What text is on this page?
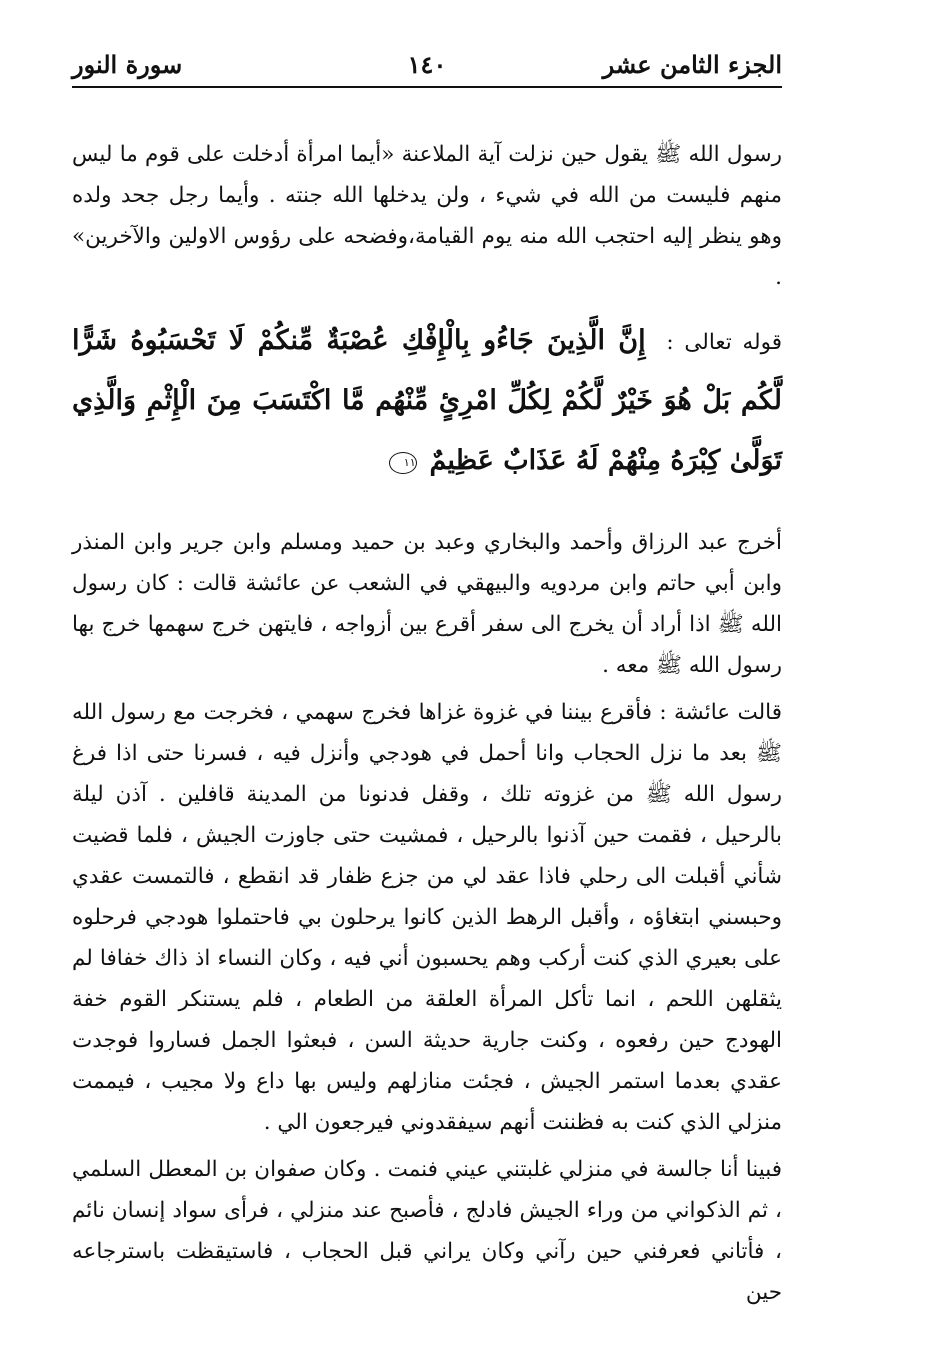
الجزء الثامن عشر
١٤٠
سورة النور

رسول الله ﷺ يقول حين نزلت آية الملاعنة «أيما امرأة أدخلت على قوم ما ليس منهم فليست من الله في شيء ، ولن يدخلها الله جنته . وأيما رجل جحد ولده وهو ينظر إليه احتجب الله منه يوم القيامة،وفضحه على رؤوس الاولين والآخرين» .

قوله تعالى : إِنَّ الَّذِينَ جَاءُو بِالْإِفْكِ عُصْبَةٌ مِّنكُمْ لَا تَحْسَبُوهُ شَرًّا لَّكُم بَلْ هُوَ خَيْرٌ لَّكُمْ لِكُلِّ امْرِئٍ مِّنْهُم مَّا اكْتَسَبَ مِنَ الْإِثْمِ وَالَّذِي تَوَلَّىٰ كِبْرَهُ مِنْهُمْ لَهُ عَذَابٌ عَظِيمٌ ١١

أخرج عبد الرزاق وأحمد والبخاري وعبد بن حميد ومسلم وابن جرير وابن المنذر وابن أبي حاتم وابن مردويه والبيهقي في الشعب عن عائشة قالت : كان رسول الله ﷺ اذا أراد أن يخرج الى سفر أقرع بين أزواجه ، فايتهن خرج سهمها خرج بها رسول الله ﷺ معه .

قالت عائشة : فأقرع بيننا في غزوة غزاها فخرج سهمي ، فخرجت مع رسول الله ﷺ بعد ما نزل الحجاب وانا أحمل في هودجي وأنزل فيه ، فسرنا حتى اذا فرغ رسول الله ﷺ من غزوته تلك ، وقفل فدنونا من المدينة قافلين . آذن ليلة بالرحيل ، فقمت حين آذنوا بالرحيل ، فمشيت حتى جاوزت الجيش ، فلما قضيت شأني أقبلت الى رحلي فاذا عقد لي من جزع ظفار قد انقطع ، فالتمست عقدي وحبسني ابتغاؤه ، وأقبل الرهط الذين كانوا يرحلون بي فاحتملوا هودجي فرحلوه على بعيري الذي كنت أركب وهم يحسبون أني فيه ، وكان النساء اذ ذاك خفافا لم يثقلهن اللحم ، انما تأكل المرأة العلقة من الطعام ، فلم يستنكر القوم خفة الهودج حين رفعوه ، وكنت جارية حديثة السن ، فبعثوا الجمل فساروا فوجدت عقدي بعدما استمر الجيش ، فجئت منازلهم وليس بها داع ولا مجيب ، فيممت منزلي الذي كنت به فظننت أنهم سيفقدوني فيرجعون الي .

فبينا أنا جالسة في منزلي غلبتني عيني فنمت . وكان صفوان بن المعطل السلمي ، ثم الذكواني من وراء الجيش فادلج ، فأصبح عند منزلي ، فرأى سواد إنسان نائم ، فأتاني فعرفني حين رآني وكان يراني قبل الحجاب ، فاستيقظت باسترجاعه حين
